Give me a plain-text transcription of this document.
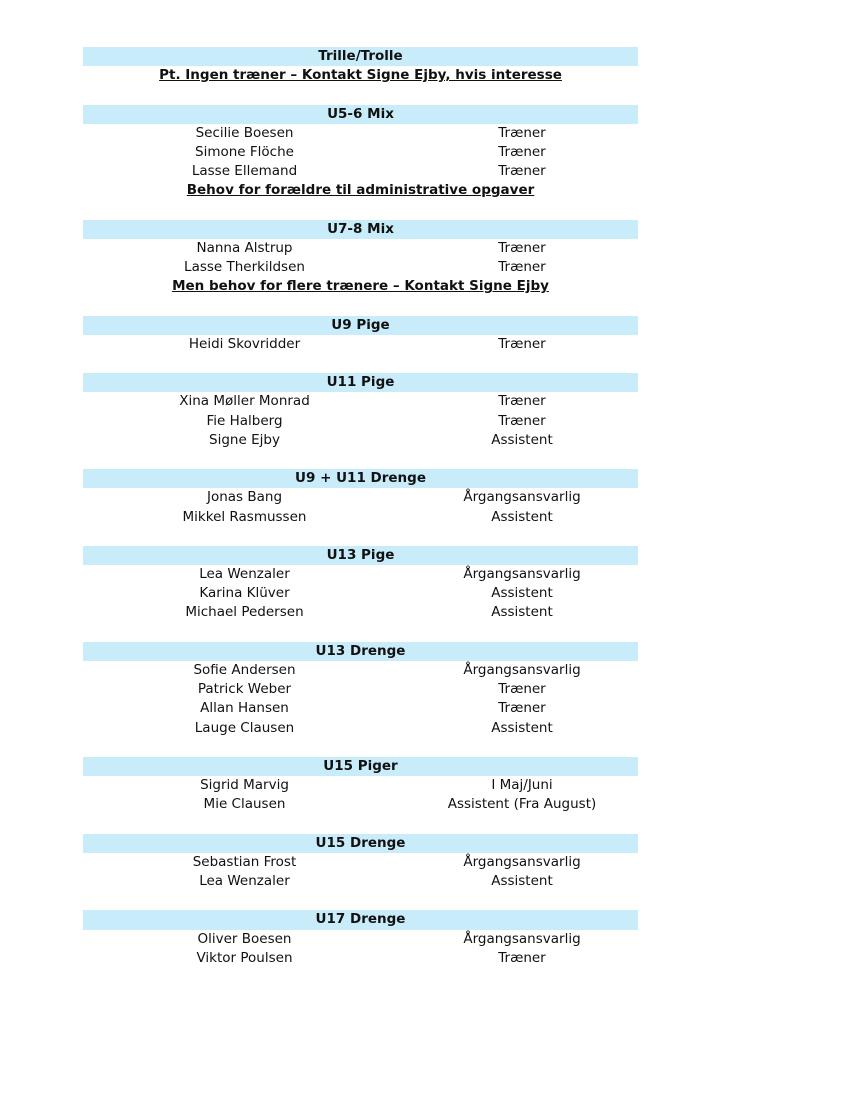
Trille/Trolle
Pt. Ingen træner – Kontakt Signe Ejby, hvis interesse
U5-6 Mix
Secilie Boesen	Træner
Simone Flöche	Træner
Lasse Ellemand	Træner
Behov for forældre til administrative opgaver
U7-8 Mix
Nanna Alstrup	Træner
Lasse Therkildsen	Træner
Men behov for flere trænere – Kontakt Signe Ejby
U9 Pige
Heidi Skovridder	Træner
U11 Pige
Xina Møller Monrad	Træner
Fie Halberg	Træner
Signe Ejby	Assistent
U9 + U11 Drenge
Jonas Bang	Årgangsansvarlig
Mikkel Rasmussen	Assistent
U13 Pige
Lea Wenzaler	Årgangsansvarlig
Karina Klüver	Assistent
Michael Pedersen	Assistent
U13 Drenge
Sofie Andersen	Årgangsansvarlig
Patrick Weber	Træner
Allan Hansen	Træner
Lauge Clausen	Assistent
U15 Piger
Sigrid Marvig	I Maj/Juni
Mie Clausen	Assistent (Fra August)
U15 Drenge
Sebastian Frost	Årgangsansvarlig
Lea Wenzaler	Assistent
U17 Drenge
Oliver Boesen	Årgangsansvarlig
Viktor Poulsen	Træner
